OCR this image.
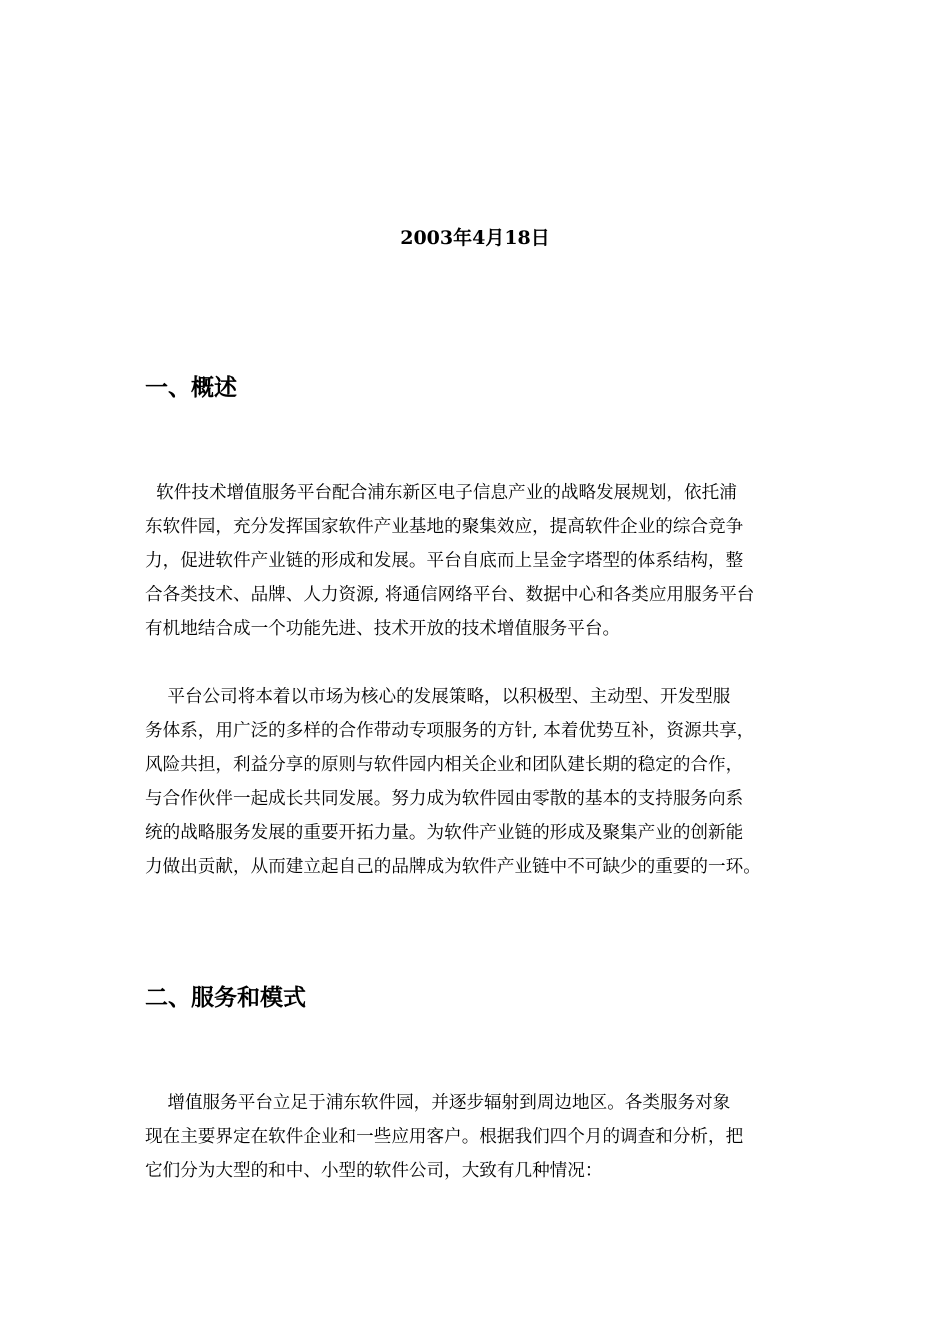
2003年4月18日
一、概述
软件技术增值服务平台配合浦东新区电子信息产业的战略发展规划，依托浦
东软件园，充分发挥国家软件产业基地的聚集效应，提高软件企业的综合竞争
力，促进软件产业链的形成和发展。平台自底而上呈金字塔型的体系结构，整
合各类技术、品牌、人力资源, 将通信网络平台、数据中心和各类应用服务平台
有机地结合成一个功能先进、技术开放的技术增值服务平台。
平台公司将本着以市场为核心的发展策略，以积极型、主动型、开发型服
务体系，用广泛的多样的合作带动专项服务的方针, 本着优势互补，资源共享，
风险共担，利益分享的原则与软件园内相关企业和团队建长期的稳定的合作，
与合作伙伴一起成长共同发展。努力成为软件园由零散的基本的支持服务向系
统的战略服务发展的重要开拓力量。为软件产业链的形成及聚集产业的创新能
力做出贡献，从而建立起自己的品牌成为软件产业链中不可缺少的重要的一环。
二、服务和模式
增值服务平台立足于浦东软件园，并逐步辐射到周边地区。各类服务对象
现在主要界定在软件企业和一些应用客户。根据我们四个月的调查和分析，把
它们分为大型的和中、小型的软件公司，大致有几种情况：
